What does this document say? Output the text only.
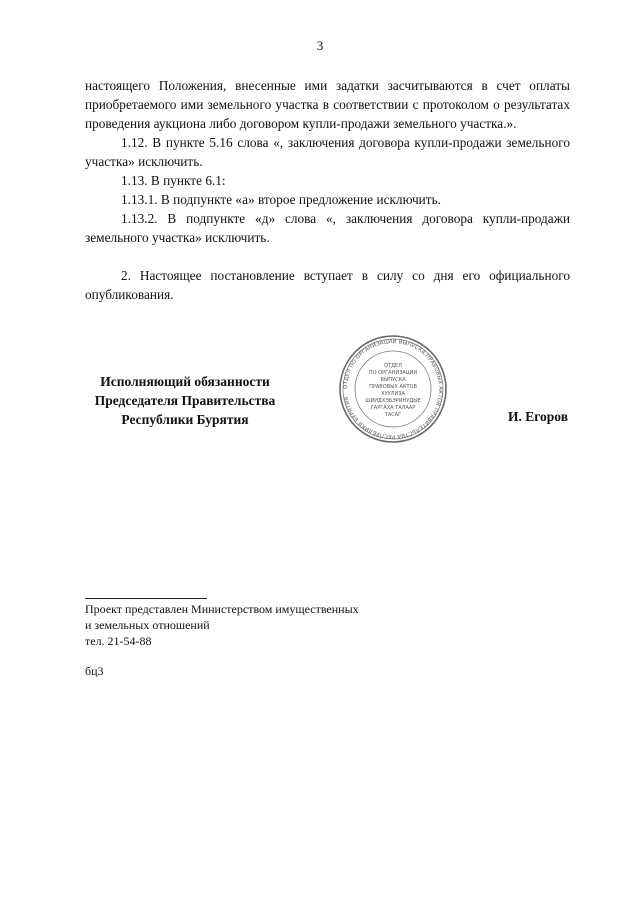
3

настоящего Положения, внесенные ими задатки засчитываются в счет оплаты приобретаемого ими земельного участка в соответствии с протоколом о результатах проведения аукциона либо договором купли-продажи земельного участка.».

1.12. В пункте 5.16 слова «, заключения договора купли-продажи земельного участка» исключить.

1.13. В пункте 6.1:

1.13.1. В подпункте «а» второе предложение исключить.

1.13.2. В подпункте «д» слова «, заключения договора купли-продажи земельного участка» исключить.

2. Настоящее постановление вступает в силу со дня его официального опубликования.

Исполняющий обязанности
Председателя Правительства
Республики Бурятия
ОТДЕЛ ПО ОРГАНИЗАЦИИ ВЫПУСКА ПРАВОВЫХ АКТОВ ПРАВИТЕЛЬСТВА РЕСПУБЛИКИ БУРЯТИЯ
ОТДЕЛ
ПО ОРГАНИЗАЦИИ
ВЫПУСКА
ПРАВОВЫХ АКТОВ
ХУУЛИЗА
ШИИДХЭБЭРИНУДЫЕ
ГАРГАХА ТАЛААР
ТАСАГ	И. Егоров
Проект представлен Министерством имущественных
и земельных отношений
тел. 21-54-88
бц3
